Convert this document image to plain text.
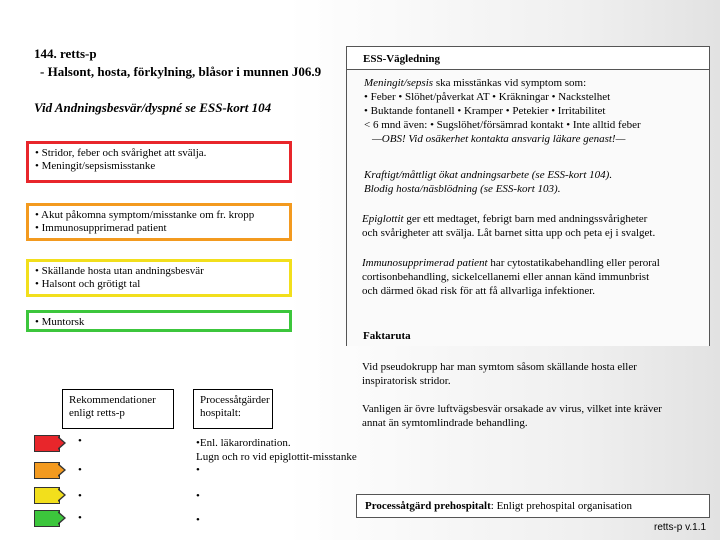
144. retts-p
- Halsont, hosta, förkylning, blåsor i munnen J06.9
Vid Andningsbesvär/dyspné se ESS-kort 104
• Stridor, feber och svårighet att svälja.
• Meningit/sepsismisstanke
• Akut påkomna symptom/misstanke om fr. kropp
• Immunosupprimerad patient
• Skällande hosta utan andningsbesvär
• Halsont och grötigt tal
• Muntorsk
ESS-Vägledning
Meningit/sepsis ska misstänkas vid symptom som:
• Feber • Slöhet/påverkat AT • Kräkningar • Nackstelhet
• Buktande fontanell • Kramper • Petekier • Irritabilitet
< 6 mnd även: • Sugslöhet/försämrad kontakt • Inte alltid feber
—OBS! Vid osäkerhet kontakta ansvarig läkare genast!—
Kraftigt/måttligt ökat andningsarbete (se ESS-kort 104).
Blodig hosta/näsblödning (se ESS-kort 103).
Epiglottit ger ett medtaget, febrigt barn med andningssvårigheter
och svårigheter att svälja. Låt barnet sitta upp och peta ej i svalget.
Immunosupprimerad patient har cytostatikabehandling eller peroral
cortisonbehandling, sickelcellanemi eller annan känd immunbrist
och därmed ökad risk för att få allvarliga infektioner.
Faktaruta
Vid pseudokrupp har man symtom såsom skällande hosta eller
inspiratorisk stridor.
Vanligen är övre luftvägsbesvär orsakade av virus, vilket inte kräver
annat än symtomlindrade behandling.
Rekommendationer
enligt retts-p
Processåtgärder
hospitalt:
•	•Enl. läkarordination.
Lugn och ro vid epiglottit-misstanke
•	•
•	•
•	•
Processåtgärd prehospitalt: Enligt prehospital organisation
retts-p v.1.1
